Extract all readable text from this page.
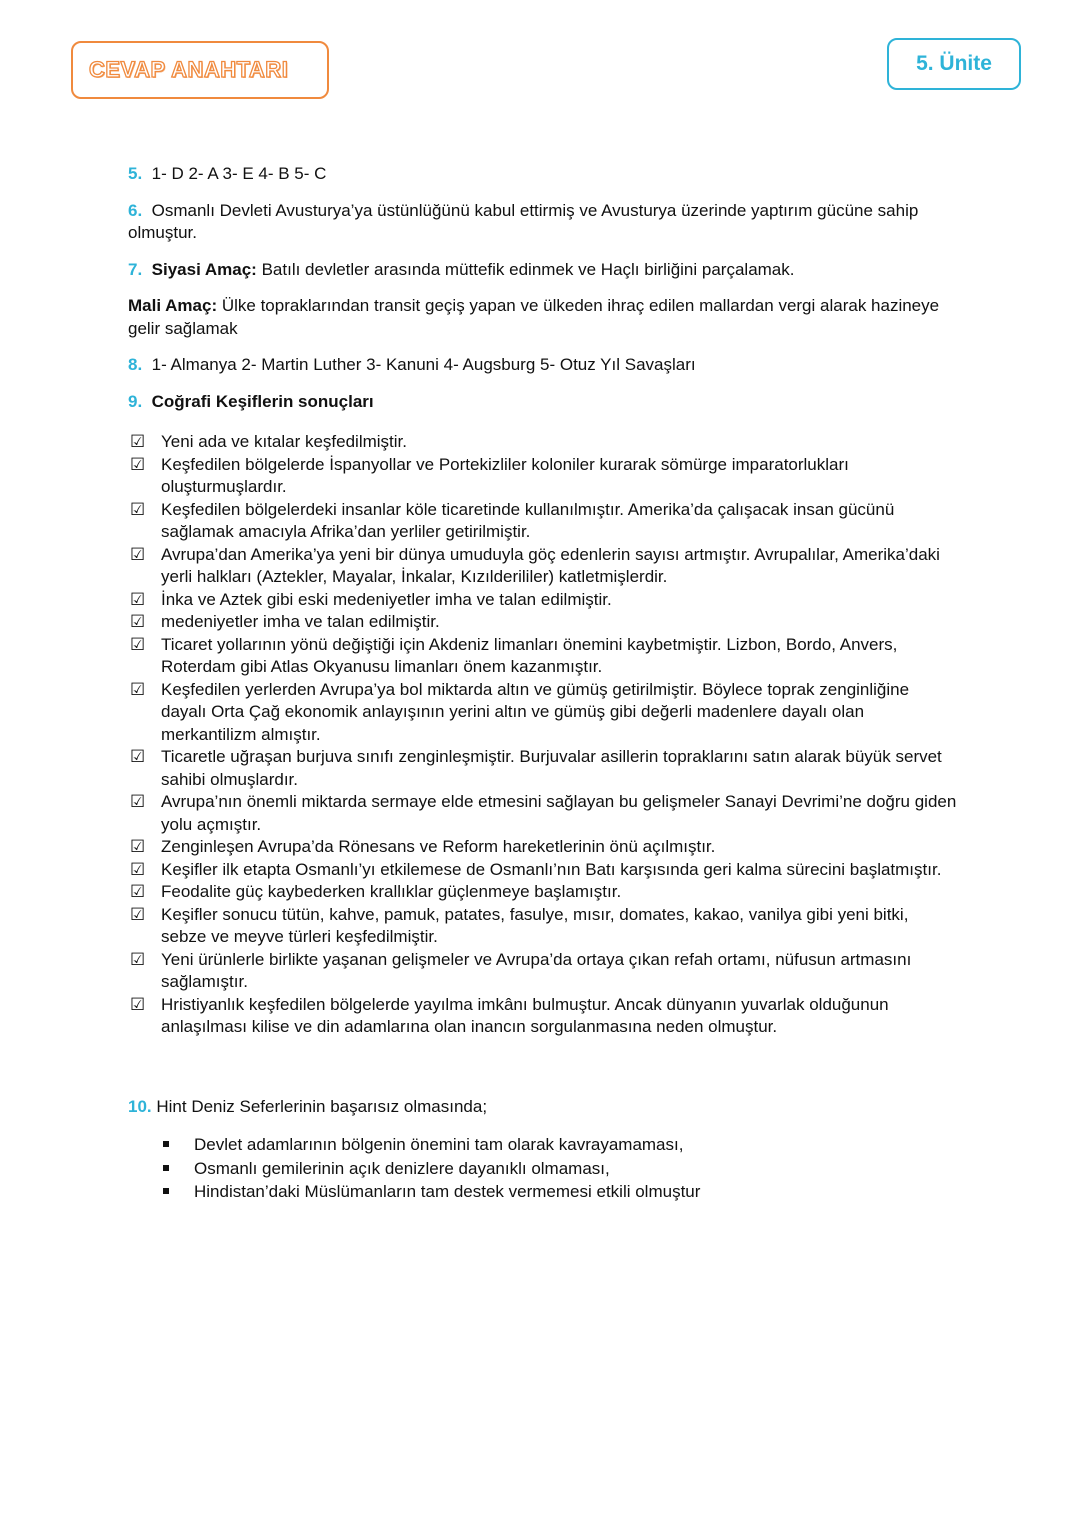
CEVAP ANAHTARI	5. Ünite

5. 1- D 2- A 3- E 4- B 5- C

6. Osmanlı Devleti Avusturya’ya üstünlüğünü kabul ettirmiş ve Avusturya üzerinde yaptırım gücüne sahip olmuştur.

7. Siyasi Amaç: Batılı devletler arasında müttefik edinmek ve Haçlı birliğini parçalamak.

Mali Amaç: Ülke topraklarından transit geçiş yapan ve ülkeden ihraç edilen mallardan vergi alarak hazineye gelir sağlamak

8. 1- Almanya 2- Martin Luther 3- Kanuni 4- Augsburg 5- Otuz Yıl Savaşları

9. Coğrafi Keşiflerin sonuçları

☑ Yeni ada ve kıtalar keşfedilmiştir.
☑ Keşfedilen bölgelerde İspanyollar ve Portekizliler koloniler kurarak sömürge imparatorlukları oluşturmuşlardır.
☑ Keşfedilen bölgelerdeki insanlar köle ticaretinde kullanılmıştır. Amerika’da çalışacak insan gücünü sağlamak amacıyla Afrika’dan yerliler getirilmiştir.
☑ Avrupa’dan Amerika’ya yeni bir dünya umuduyla göç edenlerin sayısı artmıştır. Avrupalılar, Amerika’daki yerli halkları (Aztekler, Mayalar, İnkalar, Kızılderililer) katletmişlerdir.
☑ İnka ve Aztek gibi eski medeniyetler imha ve talan edilmiştir.
☑ medeniyetler imha ve talan edilmiştir.
☑ Ticaret yollarının yönü değiştiği için Akdeniz limanları önemini kaybetmiştir. Lizbon, Bordo, Anvers, Roterdam gibi Atlas Okyanusu limanları önem kazanmıştır.
☑ Keşfedilen yerlerden Avrupa’ya bol miktarda altın ve gümüş getirilmiştir. Böylece toprak zenginliğine dayalı Orta Çağ ekonomik anlayışının yerini altın ve gümüş gibi değerli madenlere dayalı olan merkantilizm almıştır.
☑ Ticaretle uğraşan burjuva sınıfı zenginleşmiştir. Burjuvalar asillerin topraklarını satın alarak büyük servet sahibi olmuşlardır.
☑ Avrupa’nın önemli miktarda sermaye elde etmesini sağlayan bu gelişmeler Sanayi Devrimi’ne doğru giden yolu açmıştır.
☑ Zenginleşen Avrupa’da Rönesans ve Reform hareketlerinin önü açılmıştır.
☑ Keşifler ilk etapta Osmanlı’yı etkilemese de Osmanlı’nın Batı karşısında geri kalma sürecini başlatmıştır.
☑ Feodalite güç kaybederken krallıklar güçlenmeye başlamıştır.
☑ Keşifler sonucu tütün, kahve, pamuk, patates, fasulye, mısır, domates, kakao, vanilya gibi yeni bitki, sebze ve meyve türleri keşfedilmiştir.
☑ Yeni ürünlerle birlikte yaşanan gelişmeler ve Avrupa’da ortaya çıkan refah ortamı, nüfusun artmasını sağlamıştır.
☑ Hristiyanlık keşfedilen bölgelerde yayılma imkânı bulmuştur. Ancak dünyanın yuvarlak olduğunun anlaşılması kilise ve din adamlarına olan inancın sorgulanmasına neden olmuştur.

10. Hint Deniz Seferlerinin başarısız olmasında;

Devlet adamlarının bölgenin önemini tam olarak kavrayamaması,
Osmanlı gemilerinin açık denizlere dayanıklı olmaması,
Hindistan’daki Müslümanların tam destek vermemesi etkili olmuştur
